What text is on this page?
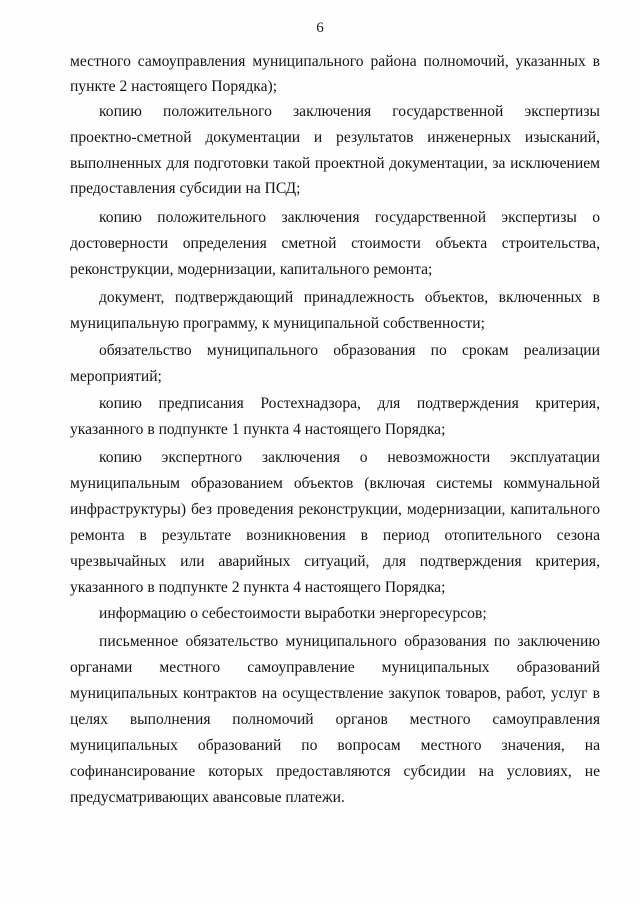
6
местного самоуправления муниципального района полномочий, указанных в
пункте 2 настоящего Порядка);
копию положительного заключения государственной экспертизы
проектно-сметной документации и результатов инженерных изысканий,
выполненных для подготовки такой проектной документации, за исключением
предоставления субсидии на ПСД;
копию положительного заключения государственной экспертизы о
достоверности определения сметной стоимости объекта строительства,
реконструкции, модернизации, капитального ремонта;
документ, подтверждающий принадлежность объектов, включенных в
муниципальную программу, к муниципальной собственности;
обязательство муниципального образования по срокам реализации
мероприятий;
копию предписания Ростехнадзора, для подтверждения критерия,
указанного в подпункте 1 пункта 4 настоящего Порядка;
копию экспертного заключения о невозможности эксплуатации
муниципальным образованием объектов (включая системы коммунальной
инфраструктуры) без проведения реконструкции, модернизации, капитального
ремонта в результате возникновения в период отопительного сезона
чрезвычайных или аварийных ситуаций, для подтверждения критерия,
указанного в подпункте 2 пункта 4 настоящего Порядка;
информацию о себестоимости выработки энергоресурсов;
письменное обязательство муниципального образования по заключению
органами местного самоуправление муниципальных образований
муниципальных контрактов на осуществление закупок товаров, работ, услуг в
целях выполнения полномочий органов местного самоуправления
муниципальных образований по вопросам местного значения, на
софинансирование которых предоставляются субсидии на условиях, не
предусматривающих авансовые платежи.
